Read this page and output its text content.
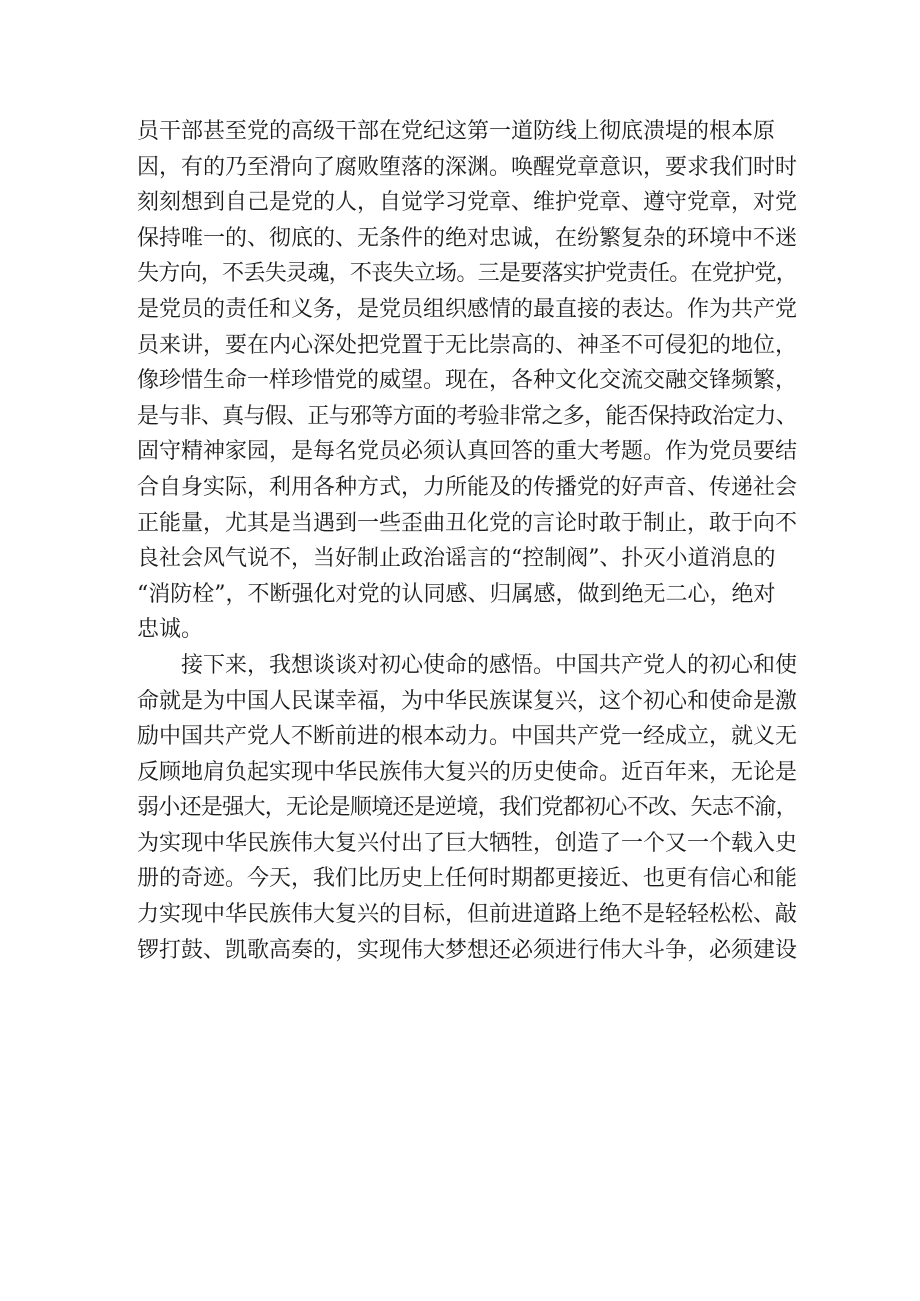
员干部甚至党的高级干部在党纪这第一道防线上彻底溃堤的根本原
因，有的乃至滑向了腐败堕落的深渊。唤醒党章意识，要求我们时时
刻刻想到自己是党的人，自觉学习党章、维护党章、遵守党章，对党
保持唯一的、彻底的、无条件的绝对忠诚，在纷繁复杂的环境中不迷
失方向，不丢失灵魂，不丧失立场。三是要落实护党责任。在党护党，
是党员的责任和义务，是党员组织感情的最直接的表达。作为共产党
员来讲，要在内心深处把党置于无比崇高的、神圣不可侵犯的地位，
像珍惜生命一样珍惜党的威望。现在，各种文化交流交融交锋频繁，
是与非、真与假、正与邪等方面的考验非常之多，能否保持政治定力、
固守精神家园，是每名党员必须认真回答的重大考题。作为党员要结
合自身实际，利用各种方式，力所能及的传播党的好声音、传递社会
正能量，尤其是当遇到一些歪曲丑化党的言论时敢于制止，敢于向不
良社会风气说不，当好制止政治谣言的“控制阀”、扑灭小道消息的
“消防栓”，不断强化对党的认同感、归属感，做到绝无二心，绝对
忠诚。
接下来，我想谈谈对初心使命的感悟。中国共产党人的初心和使
命就是为中国人民谋幸福，为中华民族谋复兴，这个初心和使命是激
励中国共产党人不断前进的根本动力。中国共产党一经成立，就义无
反顾地肩负起实现中华民族伟大复兴的历史使命。近百年来，无论是
弱小还是强大，无论是顺境还是逆境，我们党都初心不改、矢志不渝，
为实现中华民族伟大复兴付出了巨大牺牲，创造了一个又一个载入史
册的奇迹。今天，我们比历史上任何时期都更接近、也更有信心和能
力实现中华民族伟大复兴的目标，但前进道路上绝不是轻轻松松、敲
锣打鼓、凯歌高奏的，实现伟大梦想还必须进行伟大斗争，必须建设
